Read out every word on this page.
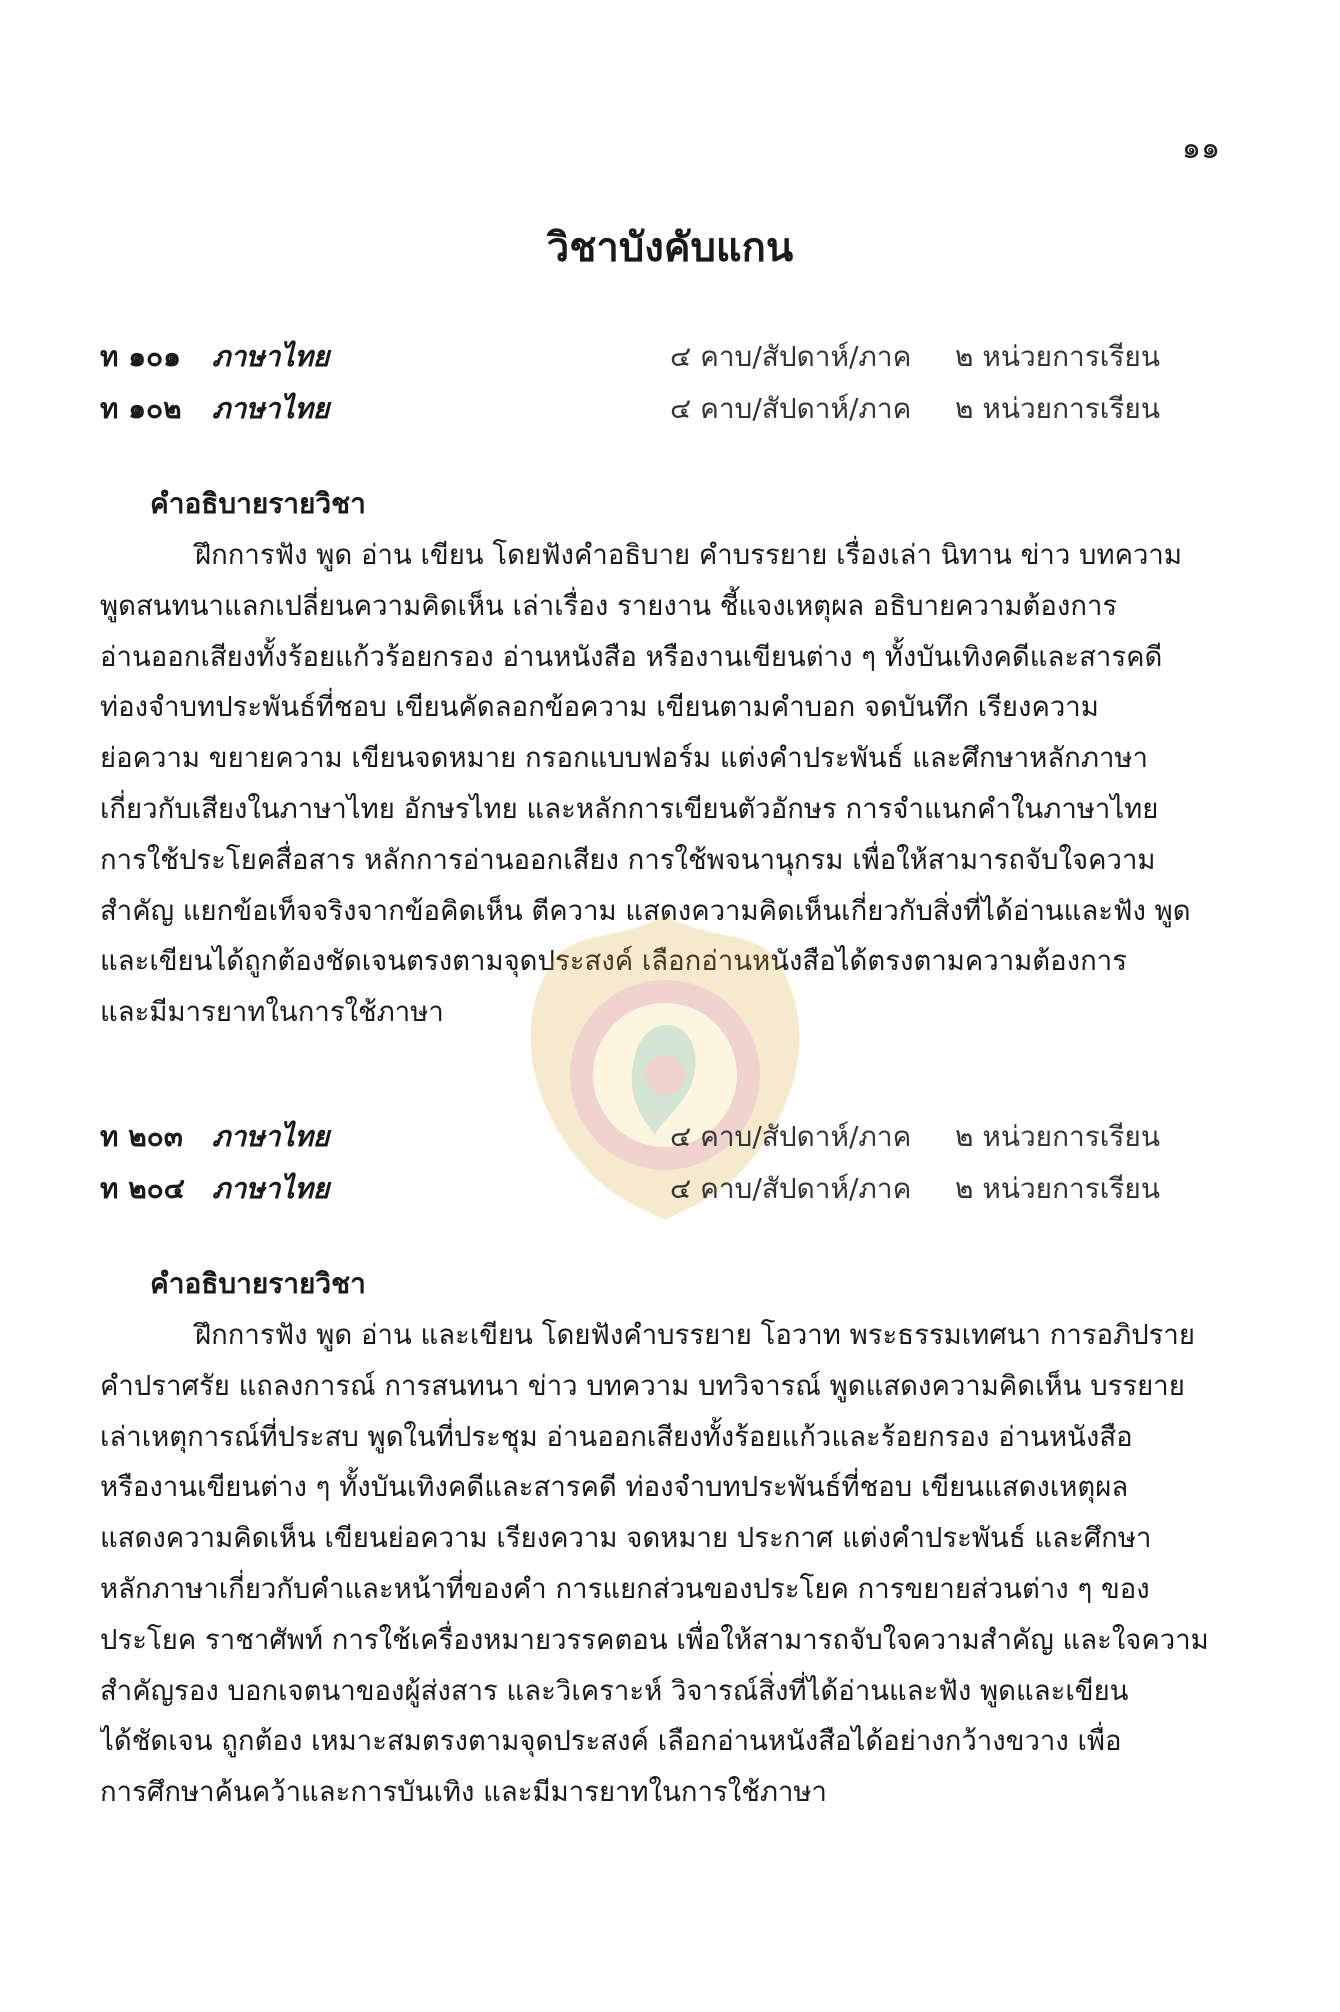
๑๑
วิชาบังคับแกน
ท ๑๐๑ ภาษาไทย	๔ คาบ/สัปดาห์/ภาค ๒ หน่วยการเรียน
ท ๑๐๒ ภาษาไทย	๔ คาบ/สัปดาห์/ภาค ๒ หน่วยการเรียน
คำอธิบายรายวิชา
ฝึกการฟัง พูด อ่าน เขียน โดยฟังคำอธิบาย คำบรรยาย เรื่องเล่า นิทาน ข่าว บทความ
พูดสนทนาแลกเปลี่ยนความคิดเห็น เล่าเรื่อง รายงาน ชี้แจงเหตุผล อธิบายความต้องการ
อ่านออกเสียงทั้งร้อยแก้วร้อยกรอง อ่านหนังสือ หรืองานเขียนต่าง ๆ ทั้งบันเทิงคดีและสารคดี
ท่องจำบทประพันธ์ที่ชอบ เขียนคัดลอกข้อความ เขียนตามคำบอก จดบันทึก เรียงความ
ย่อความ ขยายความ เขียนจดหมาย กรอกแบบฟอร์ม แต่งคำประพันธ์ และศึกษาหลักภาษา
เกี่ยวกับเสียงในภาษาไทย อักษรไทย และหลักการเขียนตัวอักษร การจำแนกคำในภาษาไทย
การใช้ประโยคสื่อสาร หลักการอ่านออกเสียง การใช้พจนานุกรม เพื่อให้สามารถจับใจความ
สำคัญ แยกข้อเท็จจริงจากข้อคิดเห็น ตีความ แสดงความคิดเห็นเกี่ยวกับสิ่งที่ได้อ่านและฟัง พูด
และเขียนได้ถูกต้องชัดเจนตรงตามจุดประสงค์ เลือกอ่านหนังสือได้ตรงตามความต้องการ
และมีมารยาทในการใช้ภาษา
ท ๒๐๓ ภาษาไทย	๔ คาบ/สัปดาห์/ภาค ๒ หน่วยการเรียน
ท ๒๐๔ ภาษาไทย	๔ คาบ/สัปดาห์/ภาค ๒ หน่วยการเรียน
คำอธิบายรายวิชา
ฝึกการฟัง พูด อ่าน และเขียน โดยฟังคำบรรยาย โอวาท พระธรรมเทศนา การอภิปราย
คำปราศรัย แถลงการณ์ การสนทนา ข่าว บทความ บทวิจารณ์ พูดแสดงความคิดเห็น บรรยาย
เล่าเหตุการณ์ที่ประสบ พูดในที่ประชุม อ่านออกเสียงทั้งร้อยแก้วและร้อยกรอง อ่านหนังสือ
หรืองานเขียนต่าง ๆ ทั้งบันเทิงคดีและสารคดี ท่องจำบทประพันธ์ที่ชอบ เขียนแสดงเหตุผล
แสดงความคิดเห็น เขียนย่อความ เรียงความ จดหมาย ประกาศ แต่งคำประพันธ์ และศึกษา
หลักภาษาเกี่ยวกับคำและหน้าที่ของคำ การแยกส่วนของประโยค การขยายส่วนต่าง ๆ ของ
ประโยค ราชาศัพท์ การใช้เครื่องหมายวรรคตอน เพื่อให้สามารถจับใจความสำคัญ และใจความ
สำคัญรอง บอกเจตนาของผู้ส่งสาร และวิเคราะห์ วิจารณ์สิ่งที่ได้อ่านและฟัง พูดและเขียน
ได้ชัดเจน ถูกต้อง เหมาะสมตรงตามจุดประสงค์ เลือกอ่านหนังสือได้อย่างกว้างขวาง เพื่อ
การศึกษาค้นคว้าและการบันเทิง และมีมารยาทในการใช้ภาษา
